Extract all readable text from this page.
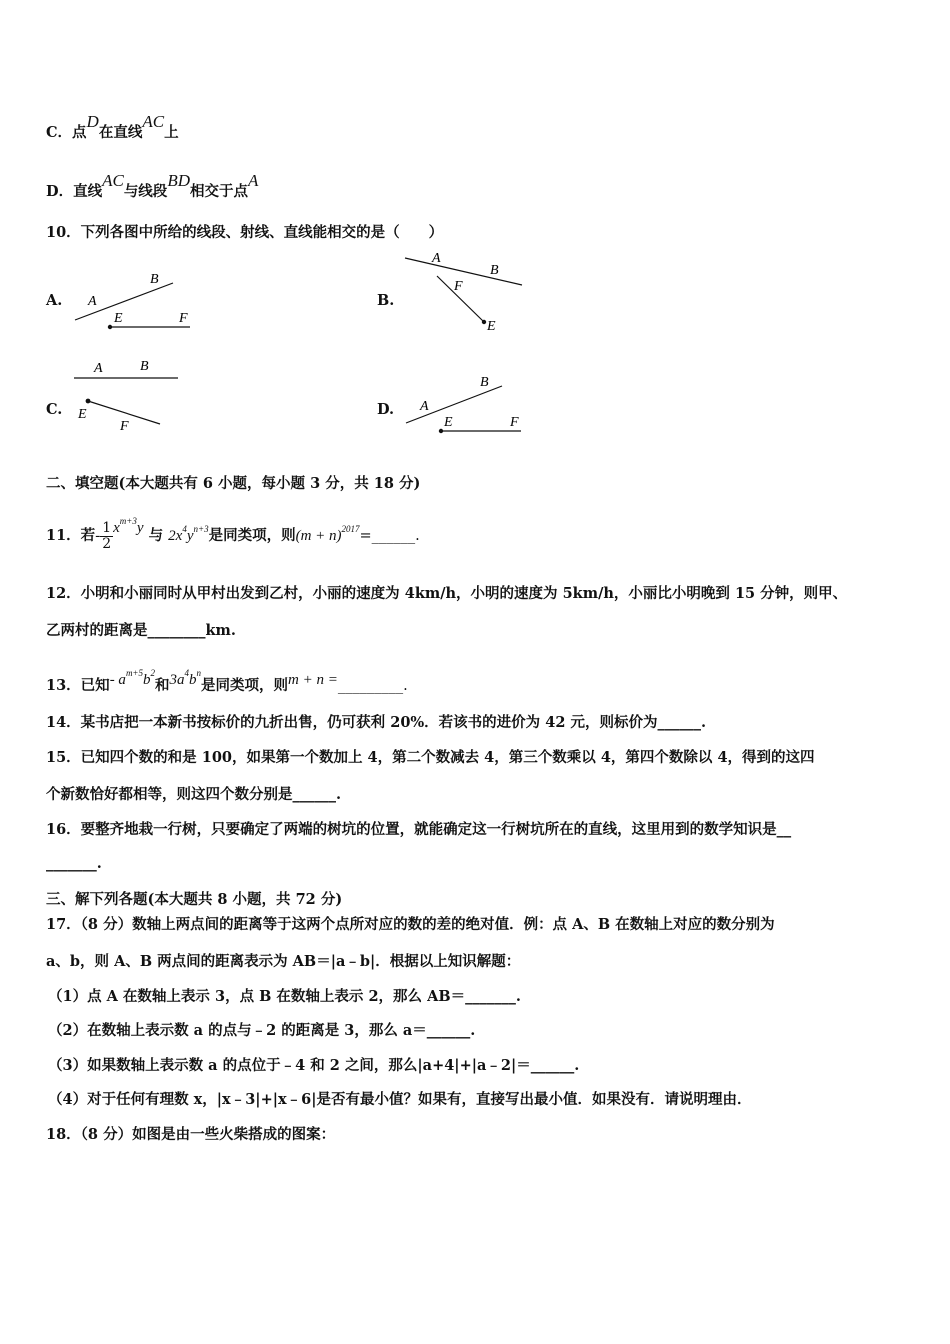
C．点D在直线AC上
D．直线AC与线段BD相交于点A
10．下列各图中所给的线段、射线、直线能相交的是（　　）
A. A
B
E	F
B.
A
B
F
E
C.
A	B
E
F
D. A
B
E	F
二、填空题(本大题共有 6 小题，每小题 3 分，共 18 分)
11．若- $\frac{1}{2} x^{m+3}y$ 与 $2x^4y^{n+3}$是同类项，则$(m + n)^{2017}=\_\_\_\_\_\_$.
12．小明和小丽同时从甲村出发到乙村，小丽的速度为 4km/h，小明的速度为 5km/h，小丽比小明晚到 15 分钟，则甲、
乙两村的距离是________km.
13．已知- $a^{m+5}b^2$和$3a^4b^n$是同类项，则m + n =_________.
14．某书店把一本新书按标价的九折出售，仍可获利 20%．若该书的进价为 42 元，则标价为______.
15．已知四个数的和是 100，如果第一个数加上 4，第二个数减去 4，第三个数乘以 4，第四个数除以 4，得到的这四
个新数恰好都相等，则这四个数分别是______.
16．要整齐地栽一行树，只要确定了两端的树坑的位置，就能确定这一行树坑所在的直线，这里用到的数学知识是__
_______.
三、解下列各题(本大题共 8 小题，共 72 分)
17．（8 分）数轴上两点间的距离等于这两个点所对应的数的差的绝对值．例：点 A、B 在数轴上对应的数分别为
a、b，则 A、B 两点间的距离表示为 AB＝|a﹣b|．根据以上知识解题：
（1）点 A 在数轴上表示 3，点 B 在数轴上表示 2，那么 AB＝_______.
（2）在数轴上表示数 a 的点与﹣2 的距离是 3，那么 a＝______.
（3）如果数轴上表示数 a 的点位于﹣4 和 2 之间，那么|a+4|+|a﹣2|＝______.
（4）对于任何有理数 x，|x﹣3|+|x﹣6|是否有最小值？如果有，直接写出最小值．如果没有．请说明理由．
18．（8 分）如图是由一些火柴搭成的图案：
